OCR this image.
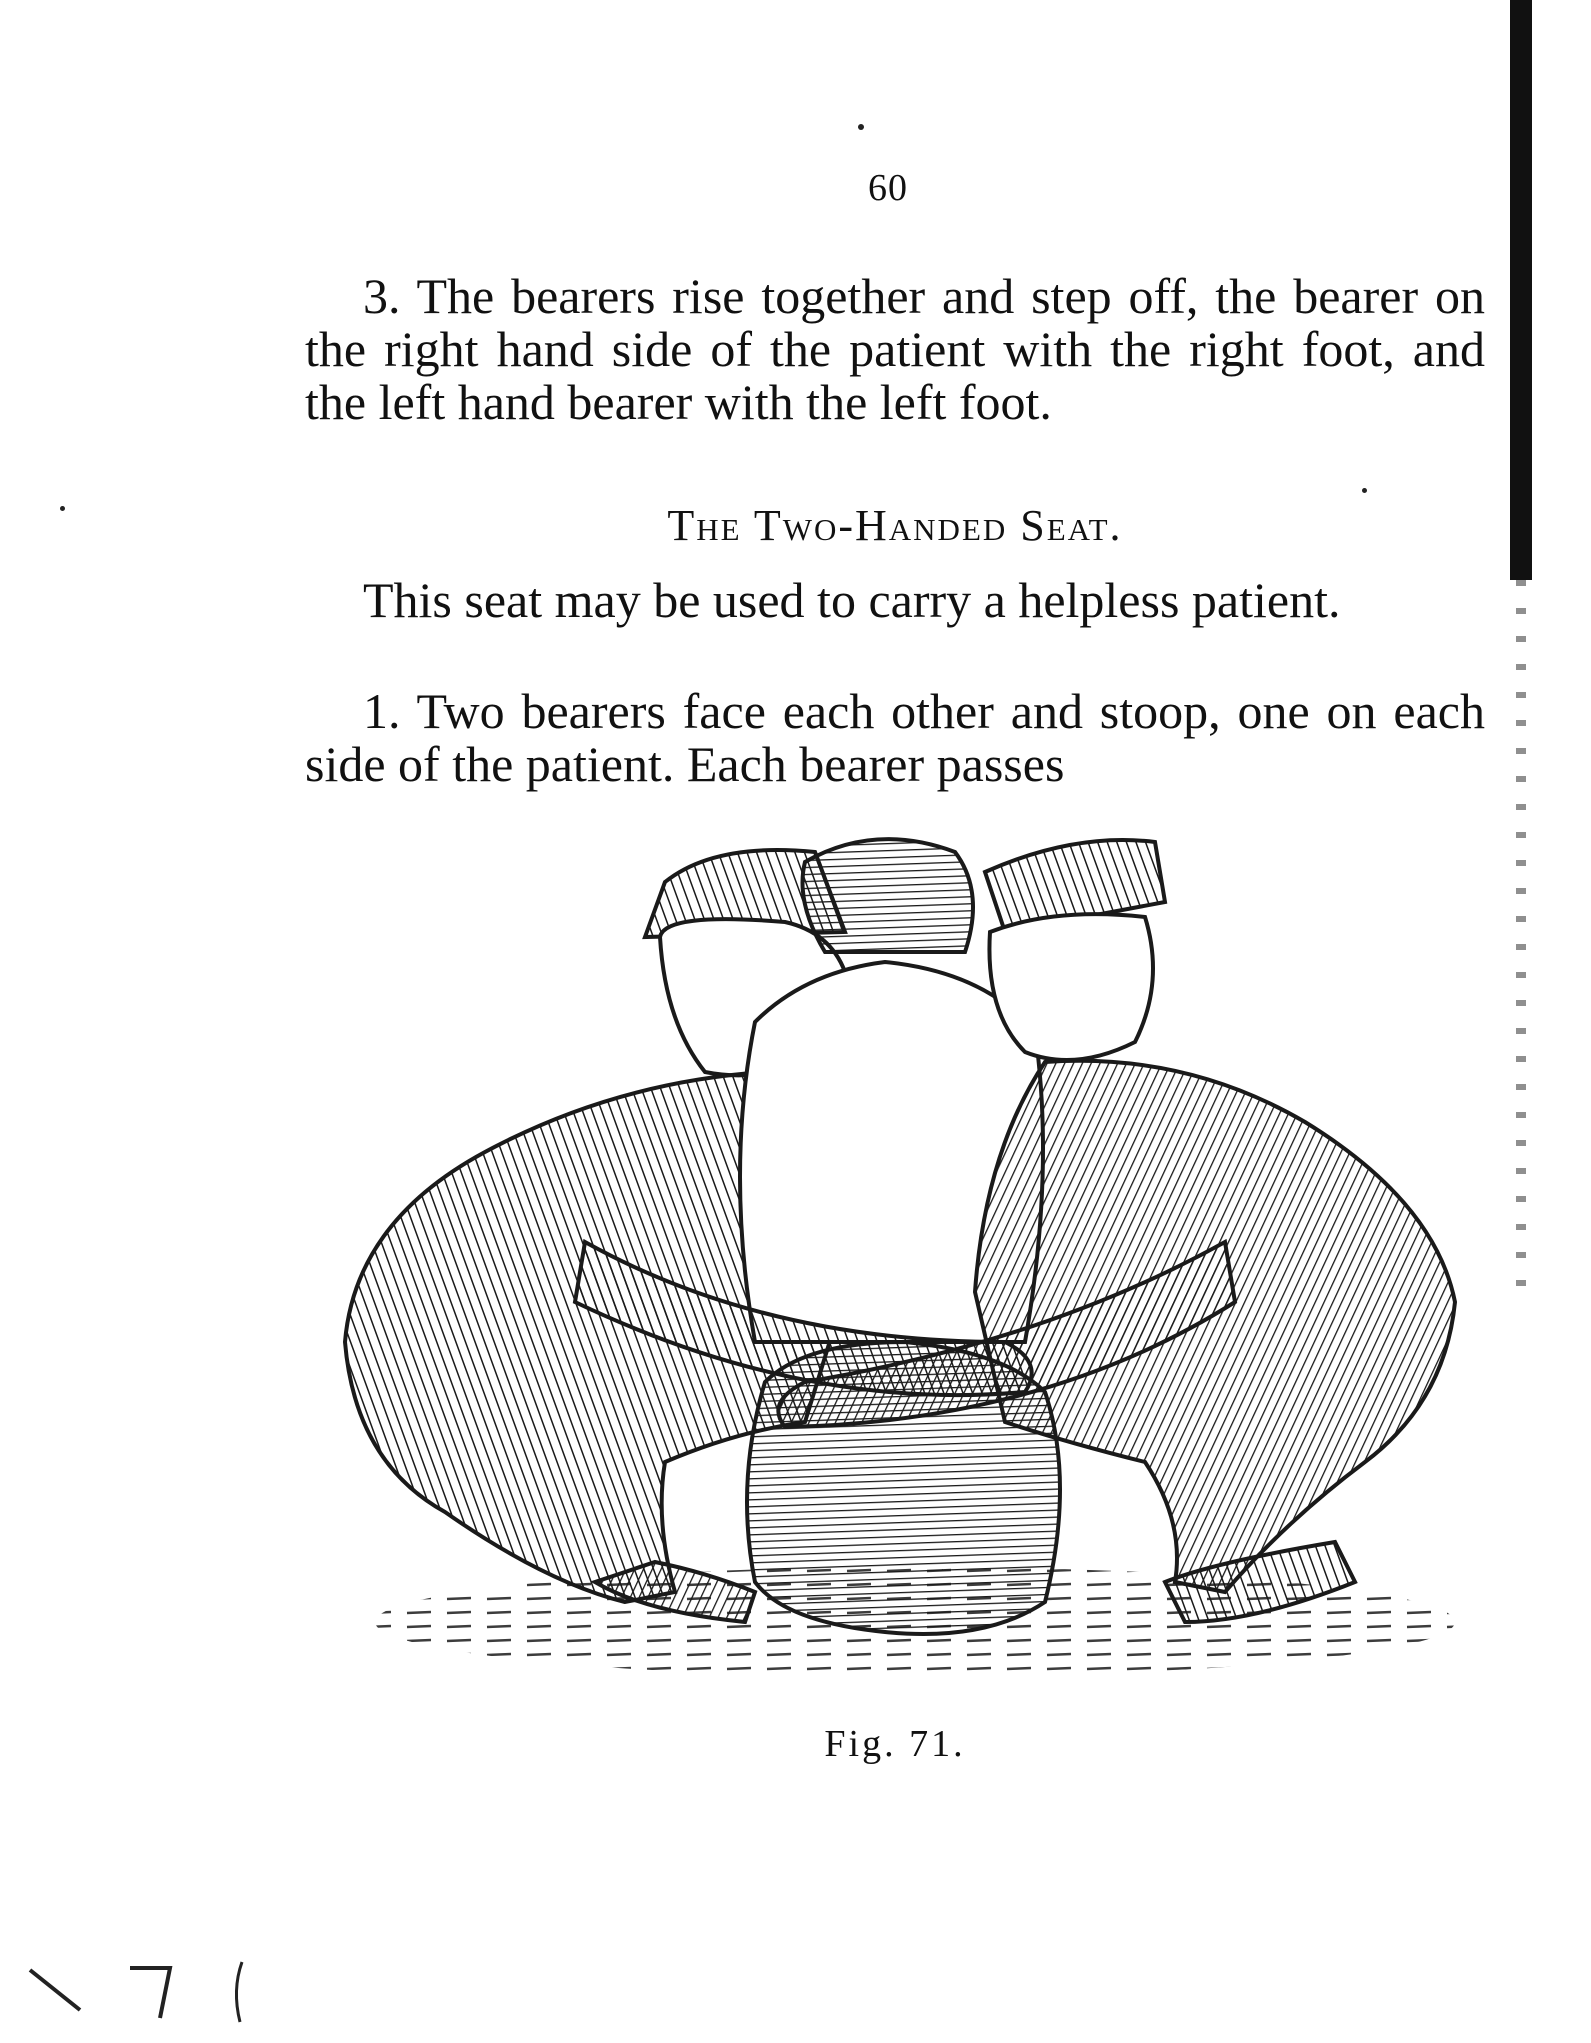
60
3. The bearers rise together and step off, the bearer on the right hand side of the patient with the right foot, and the left hand bearer with the left foot.
The Two-Handed Seat.
This seat may be used to carry a helpless patient.
1. Two bearers face each other and stoop, one on each side of the patient. Each bearer passes
Fig. 71.
